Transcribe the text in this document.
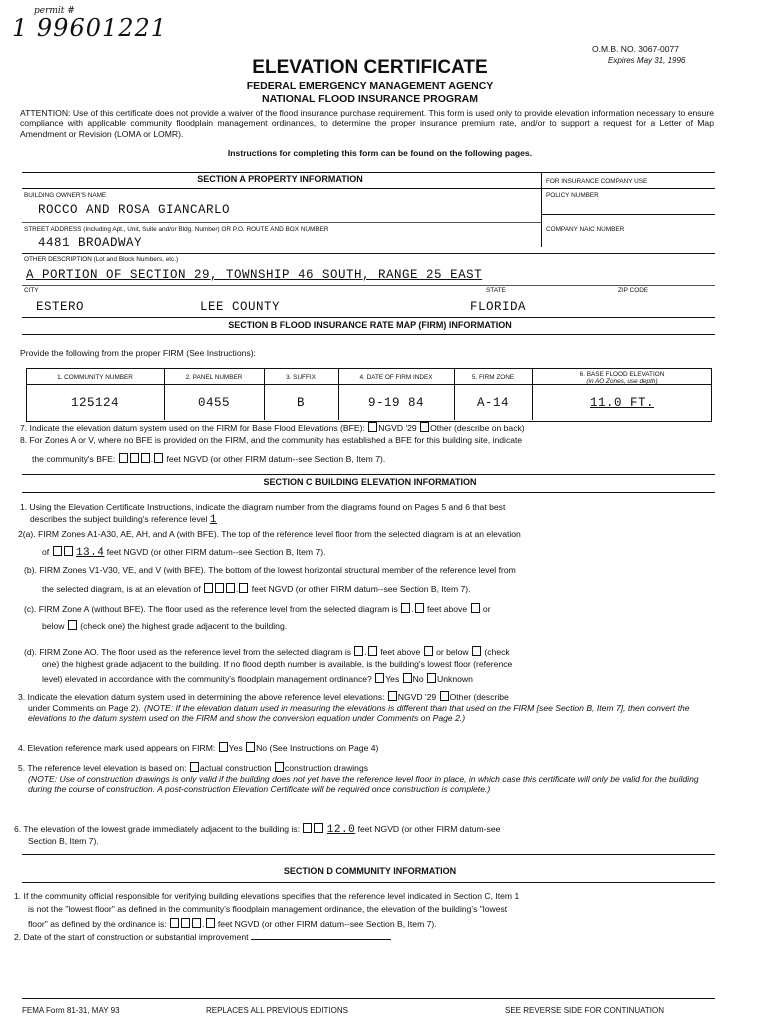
permit #
1 99601221
O.M.B. NO. 3067-0077
Expires May 31, 1996
ELEVATION CERTIFICATE
FEDERAL EMERGENCY MANAGEMENT AGENCY
NATIONAL FLOOD INSURANCE PROGRAM
ATTENTION: Use of this certificate does not provide a waiver of the flood insurance purchase requirement. This form is used only to provide elevation information necessary to ensure compliance with applicable community floodplain management ordinances, to determine the proper insurance premium rate, and/or to support a request for a Letter of Map Amendment or Revision (LOMA or LOMR).
Instructions for completing this form can be found on the following pages.
SECTION A PROPERTY INFORMATION	FOR INSURANCE COMPANY USE
BUILDING OWNER'S NAME	POLICY NUMBER
ROCCO AND ROSA GIANCARLO
STREET ADDRESS (Including Apt., Unit, Suite and/or Bldg. Number) OR P.O. ROUTE AND BOX NUMBER	COMPANY NAIC NUMBER
4481 BROADWAY
OTHER DESCRIPTION (Lot and Block Numbers, etc.)
A PORTION OF SECTION 29, TOWNSHIP 46 SOUTH, RANGE 25 EAST
CITY	STATE	ZIP CODE
ESTERO	LEE COUNTY	FLORIDA
SECTION B FLOOD INSURANCE RATE MAP (FIRM) INFORMATION
Provide the following from the proper FIRM (See Instructions):
1. COMMUNITY NUMBER	2. PANEL NUMBER	3. SUFFIX	4. DATE OF FIRM INDEX	5. FIRM ZONE	6. BASE FLOOD ELEVATION
(in AO Zones, use depth)
125124	0455	B	9-19 84	A-14	11.0 FT.
7. Indicate the elevation datum system used on the FIRM for Base Flood Elevations (BFE): NGVD '29 Other (describe on back)
8. For Zones A or V, where no BFE is provided on the FIRM, and the community has established a BFE for this building site, indicate
the community's BFE:	. feet NGVD (or other FIRM datum--see Section B, Item 7).
SECTION C BUILDING ELEVATION INFORMATION
1. Using the Elevation Certificate Instructions, indicate the diagram number from the diagrams found on Pages 5 and 6 that best
describes the subject building's reference level 1
2(a). FIRM Zones A1-A30, AE, AH, and A (with BFE). The top of the reference level floor from the selected diagram is at an elevation
of 13.4 feet NGVD (or other FIRM datum--see Section B, Item 7).
(b). FIRM Zones V1-V30, VE, and V (with BFE). The bottom of the lowest horizontal structural member of the reference level from
the selected diagram, is at an elevation of	. feet NGVD (or other FIRM datum--see Section B, Item 7).
(c). FIRM Zone A (without BFE). The floor used as the reference level from the selected diagram is . feet above or
below (check one) the highest grade adjacent to the building.
(d). FIRM Zone AO. The floor used as the reference level from the selected diagram is . feet above or below (check
one) the highest grade adjacent to the building. If no flood depth number is available, is the building's lowest floor (reference
level) elevated in accordance with the community's floodplain management ordinance? Yes No Unknown
3. Indicate the elevation datum system used in determining the above reference level elevations: NGVD '29 Other (describe
under Comments on Page 2). (NOTE: If the elevation datum used in measuring the elevations is different than that used on the FIRM [see Section B, Item 7], then convert the elevations to the datum system used on the FIRM and show the conversion equation under Comments on Page 2.)
4. Elevation reference mark used appears on FIRM: Yes No (See Instructions on Page 4)
5. The reference level elevation is based on: actual construction construction drawings
(NOTE: Use of construction drawings is only valid if the building does not yet have the reference level floor in place, in which case this certificate will only be valid for the building during the course of construction. A post-construction Elevation Certificate will be required once construction is complete.)
6. The elevation of the lowest grade immediately adjacent to the building is: 12.0 feet NGVD (or other FIRM datum-see
Section B, Item 7).
SECTION D COMMUNITY INFORMATION
1. If the community official responsible for verifying building elevations specifies that the reference level indicated in Section C, Item 1
is not the "lowest floor" as defined in the community's floodplain management ordinance, the elevation of the building's "lowest
floor" as defined by the ordinance is:	. feet NGVD (or other FIRM datum--see Section B, Item 7).
2. Date of the start of construction or substantial improvement
FEMA Form 81-31, MAY 93	REPLACES ALL PREVIOUS EDITIONS	SEE REVERSE SIDE FOR CONTINUATION
